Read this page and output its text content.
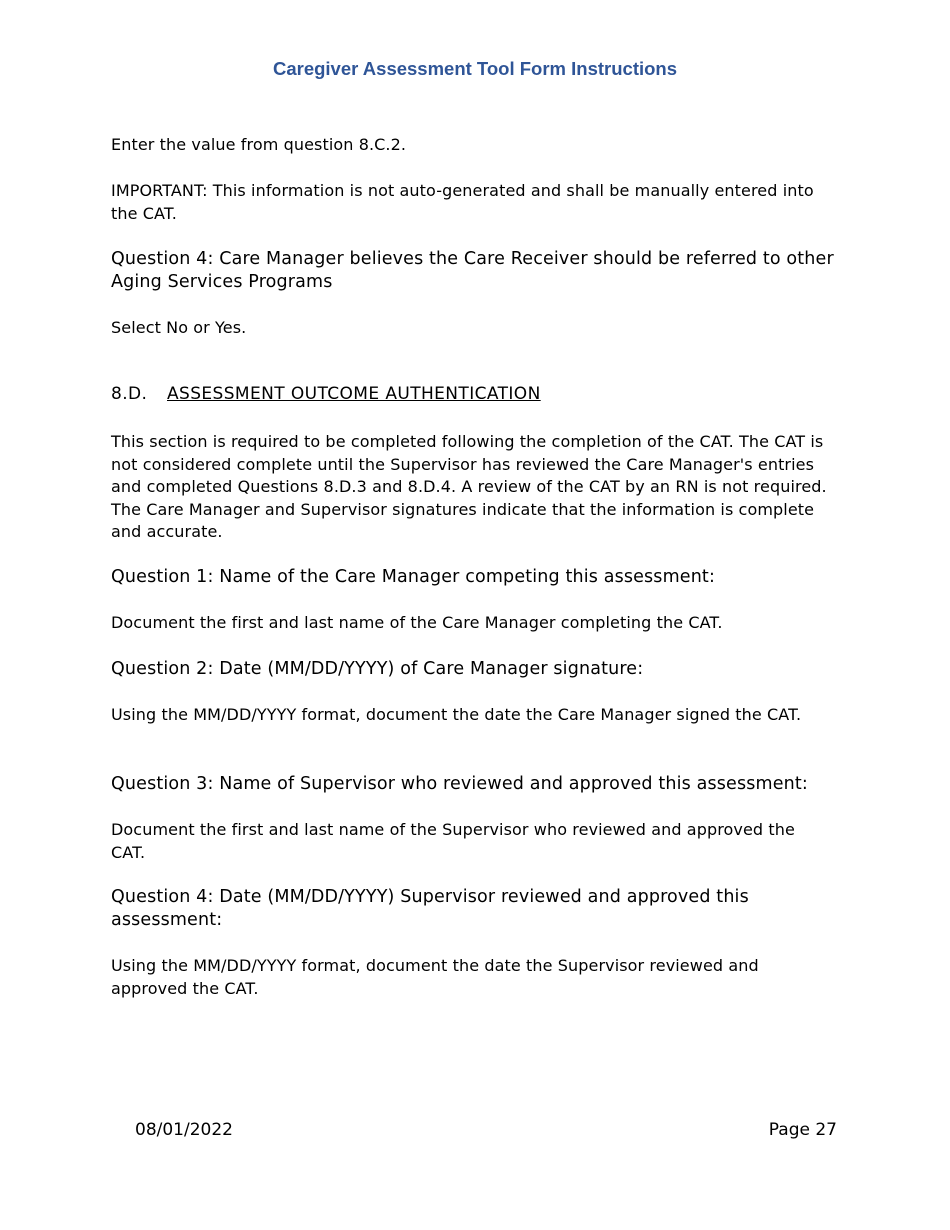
Caregiver Assessment Tool Form Instructions
Enter the value from question 8.C.2.
IMPORTANT: This information is not auto-generated and shall be manually entered into the CAT.
Question 4: Care Manager believes the Care Receiver should be referred to other Aging Services Programs
Select No or Yes.
8.D. ASSESSMENT OUTCOME AUTHENTICATION
This section is required to be completed following the completion of the CAT. The CAT is not considered complete until the Supervisor has reviewed the Care Manager's entries and completed Questions 8.D.3 and 8.D.4. A review of the CAT by an RN is not required. The Care Manager and Supervisor signatures indicate that the information is complete and accurate.
Question 1: Name of the Care Manager competing this assessment:
Document the first and last name of the Care Manager completing the CAT.
Question 2: Date (MM/DD/YYYY) of Care Manager signature:
Using the MM/DD/YYYY format, document the date the Care Manager signed the CAT.
Question 3: Name of Supervisor who reviewed and approved this assessment:
Document the first and last name of the Supervisor who reviewed and approved the CAT.
Question 4: Date (MM/DD/YYYY) Supervisor reviewed and approved this assessment:
Using the MM/DD/YYYY format, document the date the Supervisor reviewed and approved the CAT.
08/01/2022	Page 27
